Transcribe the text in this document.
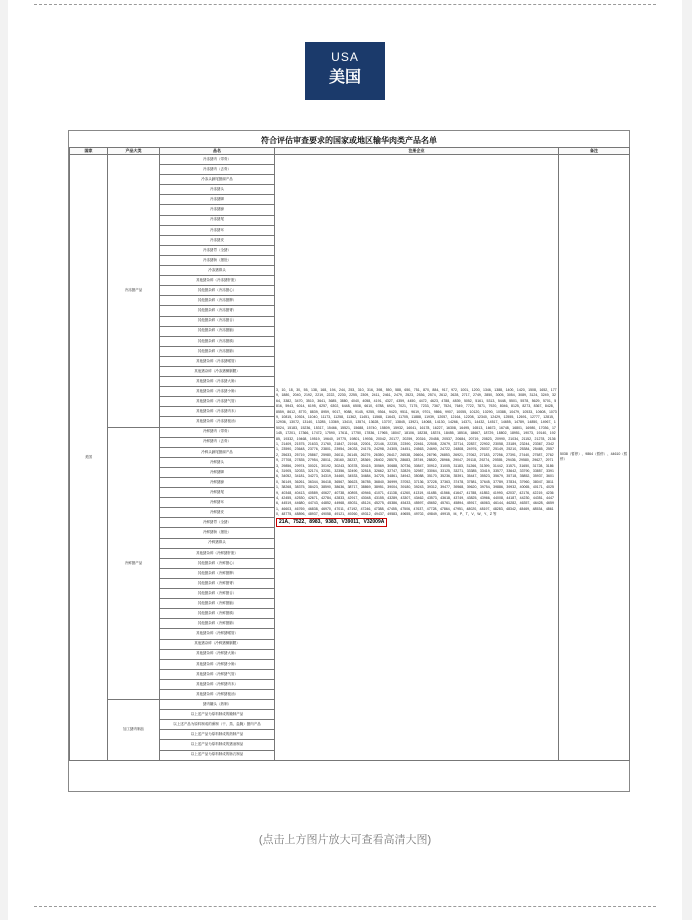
USA
美国
符合评估审查要求的国家或地区输华肉类产品名单
国家	产品大类	品名	注册企业	备注
美国	冷冻猪产品	冷冻猪肉（带骨）	3、10、18、30、55、138、168、194、244、253、310、316、398、550、588、650、751、870、884、917、972、1001、1200、1346、1388、1400、1420、1508、1652、1779、1880、2040、2192、2219、2222、2230、2255、2309、2411、2461、2479、2523、2536、2574、2612、2628、2717、2749、2850、3005、3054、3089、3124、3249、3264、3382、3470、3510、3641、3685、3880、4040、4058、4191、4327、4359、4450、4472、4623、4788、4839、5052、5161、5313、5448、5501、5578、5629、5701、5816、5943、6014、6195、6257、6302、6448、6508、6610、6788、6924、7021、7175、7233、7367、7524、7649、7722、7871、7920、8046、8125、8273、8367、8428、8559、8612、8770、8839、8959、9017、9088、9145、9255、9364、9420、9511、9619、9701、9866、9907、10055、10120、10290、10388、10479、10533、10608、10739、10815、10924、11040、11173、11258、11362、11451、11568、11643、11705、11888、11939、12057、12164、12208、12340、12429、12555、12691、12777、12815、12936、13072、13140、13285、13369、13410、13574、13628、13707、13845、13921、14068、14130、14266、14371、14432、14517、14655、14789、14850、14967、15024、15183、15236、15317、15466、15521、15688、15740、15809、15932、16041、16178、16227、16308、16495、16513、16672、16748、16801、16980、17036、17145、17201、17366、17472、17590、17611、17750、17836、17965、18047、18106、18238、18374、18455、18516、18667、18729、18802、18951、19073、19140、19285、19332、19468、19519、19640、19775、19801、19936、20042、20177、20259、20316、20458、20537、20684、20719、20823、20990、21034、21152、21278、21361、21409、21575、21633、21760、21847、21918、22001、22146、22235、22390、22461、22508、22679、22714、22837、22902、23058、23189、23244、23367、23421、23590、23648、23776、23801、23954、24033、24176、24298、24305、24451、24563、24690、24722、24808、24976、25037、25149、25210、25384、25465、25572、25633、25719、25867、25980、26011、26145、26279、26350、26417、26538、26604、26796、26853、26921、27062、27183、27256、27391、27440、27587、27629、27708、27835、27954、28011、28160、28237、28369、28402、28575、28683、28749、28820、28966、29047、29118、29274、29355、29436、29580、29627、29713、29856、29974、30021、30192、30243、30378、30415、30569、30688、30736、30847、30912、31005、31183、31266、31399、31442、31571、31650、31728、31864、31905、32033、32174、32281、32356、32490、32518、32662、32747、32829、32987、33064、33125、33271、33385、33419、33577、33642、33790、33857、33916、34052、34181、34273、34319、34460、34533、34684、34725、34861、34942、35088、35170、35236、35391、35447、35523、35679、35718、35852、35937、36010、36149、36261、36344、36418、36567、36623、36785、36840、36999、37052、37136、37228、37363、37478、37581、37645、37789、37834、37960、38047、38111、38268、38375、38423、38590、38636、38717、38869、38951、39004、39180、39243、39312、39477、39568、39620、39754、39886、39932、40065、40171、40259、40348、40413、40589、40627、40738、40893、40946、41071、41138、41260、41319、41485、41566、41647、41788、41852、41990、42037、42176、42219、42364、42455、42530、42671、42784、42833、42917、43048、43155、43289、43307、43462、43573、43618、43749、43825、43966、44008、44187、44230、44351、44476、44519、44680、44743、44852、44968、45031、45124、45275、45386、45433、45597、45652、45761、45894、45917、46063、46144、46282、46357、46428、46591、46603、46769、46838、46970、47011、47192、47246、47388、47455、47506、47637、47728、47864、47951、48020、48197、48283、48342、48469、48534、48610、48775、48896、48937、49058、49121、49260、49312、49437、49583、49655、49702、49849、49915、M、P、T、V、W、Y、Z 等 21A、7522、8983、9383、V39011、V32009A	5038（暂停）、9864（暂停）、44610（暂停）
		冷冻猪肉（去骨）		
		冷冻头蹄尾猪副产品		
		冷冻猪头		
		冷冻猪脚		
		冷冻猪蹄		
		冷冻猪尾		
		冷冻猪耳		
		冷冻猪皮		
		冷冻猪胃（全猪）		
		冷冻猪肠（猪肚）		
		冷冻猪鼻头		
		其他猪杂碎（冷冻猪肝脏）		
		其他猪杂碎（冷冻猪心）		
		其他猪杂碎（冷冻猪脾）		
		其他猪杂碎（冷冻猪肾）		
		其他猪杂碎（冷冻猪舌）		
		其他猪杂碎（冷冻猪脑）		
		其他猪杂碎（冷冻猪胰）		
		其他猪杂碎（冷冻猪肺）		
		其他猪杂碎（冷冻猪喉管）		
		其他猪杂碎（冷冻猪横膈膜）		
		其他猪杂碎（冷冻猪大肠）		
		其他猪杂碎（冷冻猪小肠）		
		其他猪杂碎（冷冻猪气管）		
		其他猪杂碎（冷冻猪肉末）		
		其他猪杂碎（冷冻猪板油）		
	冷鲜猪产品	冷鲜猪肉（带骨）		
		冷鲜猪肉（去骨）		
		冷鲜头蹄尾猪副产品		
		冷鲜猪头		
		冷鲜猪脚		
		冷鲜猪蹄		
		冷鲜猪尾		
		冷鲜猪耳		
		冷鲜猪皮		
		冷鲜猪胃（全猪）		
		冷鲜猪肠（猪肚）		
		冷鲜猪鼻头		
		其他猪杂碎（冷鲜猪肝脏）		
		其他猪杂碎（冷鲜猪心）		
		其他猪杂碎（冷鲜猪脾）		
		其他猪杂碎（冷鲜猪肾）		
		其他猪杂碎（冷鲜猪舌）		
		其他猪杂碎（冷鲜猪脑）		
		其他猪杂碎（冷鲜猪胰）		
		其他猪杂碎（冷鲜猪肺）		
		其他猪杂碎（冷鲜猪喉管）		
		其他猪杂碎（冷鲜猪横膈膜）		
		其他猪杂碎（冷鲜猪大肠）		
		其他猪杂碎（冷鲜猪小肠）		
		其他猪杂碎（冷鲜猪气管）		
		其他猪杂碎（冷鲜猪肉末）		
		其他猪杂碎（冷鲜猪板油）		
	加工猪肉制品	猪肉罐头（熟制）		
		以上述产品为原料制成的腌制产品		
		以上述产品为原料制成的熏制（干、蒸、盐腌）猪肉产品		
		以上述产品为原料制成的熟制产品		
		以上述产品为原料制成的猪油制品		
		以上述产品为原料制成的肠衣制品		
(点击上方图片放大可查看高清大图)
